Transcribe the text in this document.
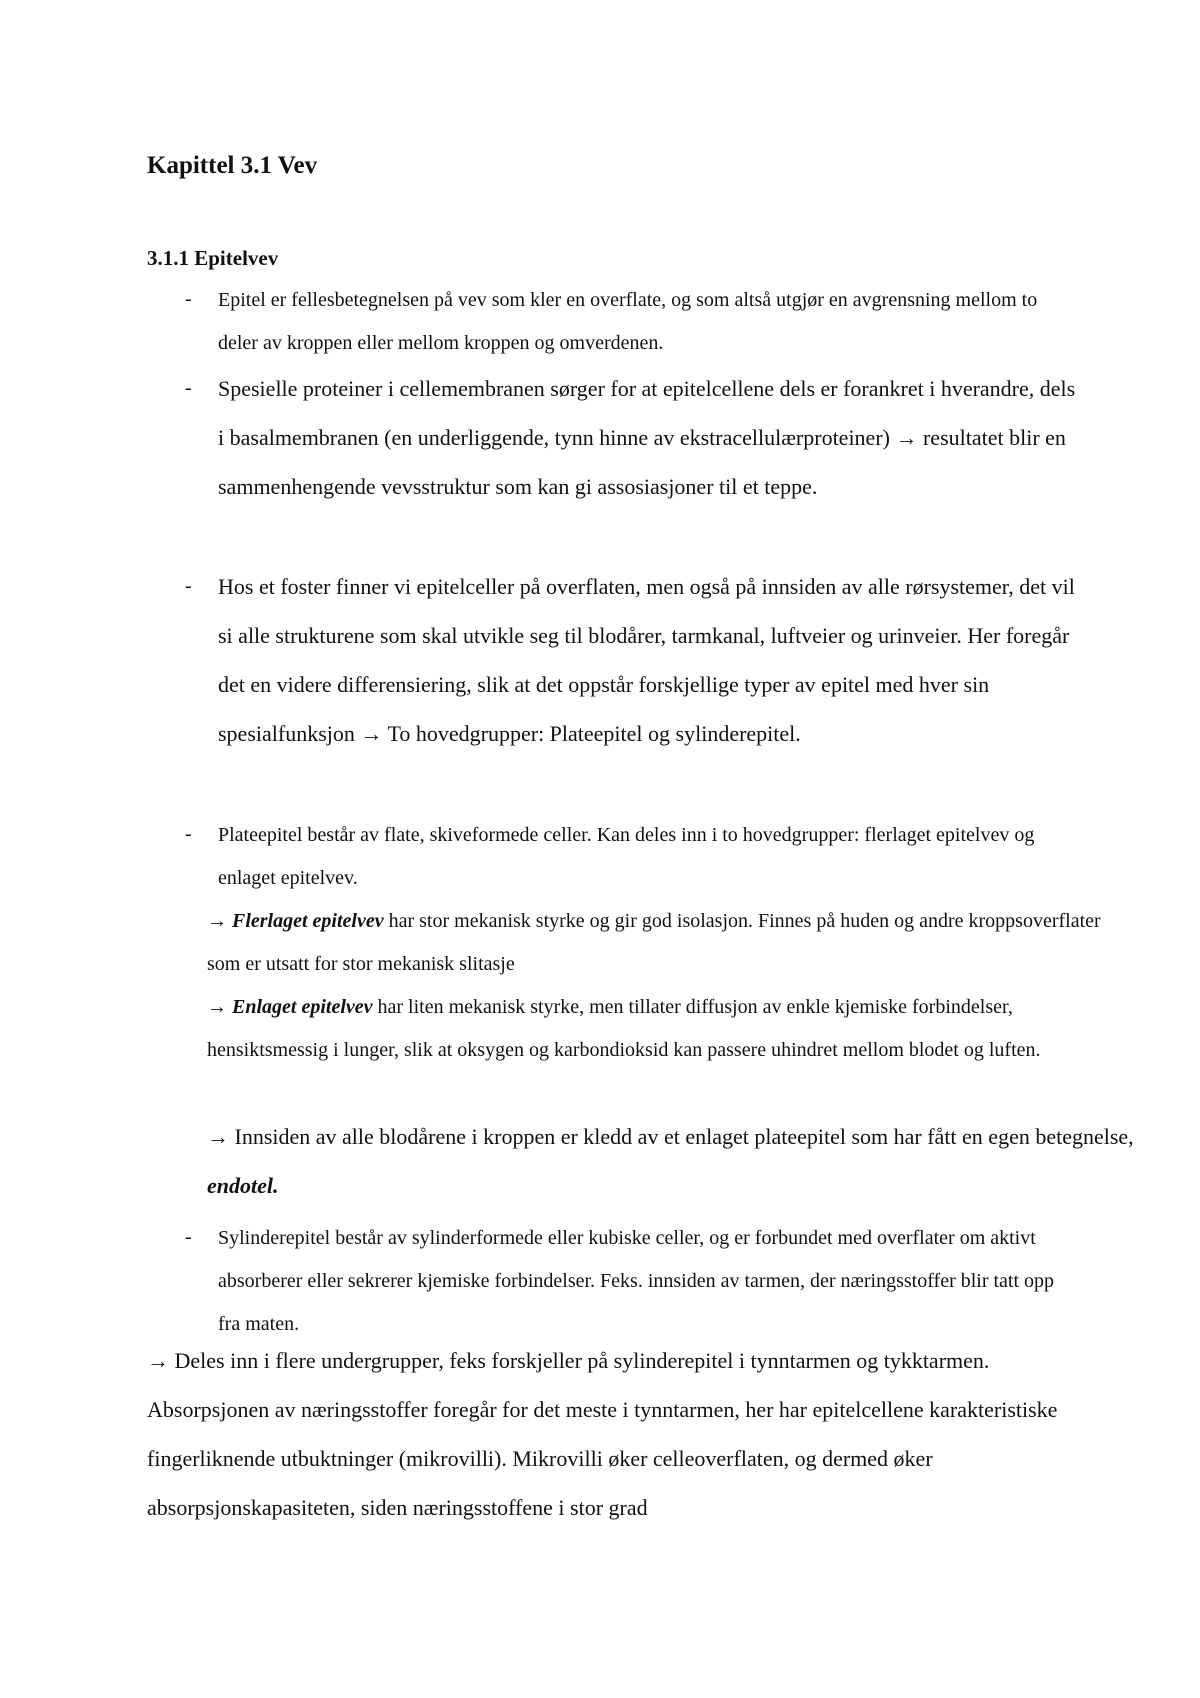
Kapittel 3.1 Vev
3.1.1 Epitelvev
- Epitel er fellesbetegnelsen på vev som kler en overflate, og som altså utgjør en avgrensning mellom to deler av kroppen eller mellom kroppen og omverdenen.

- Spesielle proteiner i cellemembranen sørger for at epitelcellene dels er forankret i hverandre, dels i basalmembranen (en underliggende, tynn hinne av ekstracellulærproteiner) → resultatet blir en sammenhengende vevsstruktur som kan gi assosiasjoner til et teppe.

- Hos et foster finner vi epitelceller på overflaten, men også på innsiden av alle rørsystemer, det vil si alle strukturene som skal utvikle seg til blodårer, tarmkanal, luftveier og urinveier. Her foregår det en videre differensiering, slik at det oppstår forskjellige typer av epitel med hver sin spesialfunksjon → To hovedgrupper: Plateepitel og sylinderepitel.

- Plateepitel består av flate, skiveformede celler. Kan deles inn i to hovedgrupper: flerlaget epitelvev og enlaget epitelvev.

→ Flerlaget epitelvev har stor mekanisk styrke og gir god isolasjon. Finnes på huden og andre kroppsoverflater som er utsatt for stor mekanisk slitasje

→ Enlaget epitelvev har liten mekanisk styrke, men tillater diffusjon av enkle kjemiske forbindelser, hensiktsmessig i lunger, slik at oksygen og karbondioksid kan passere uhindret mellom blodet og luften.

→ Innsiden av alle blodårene i kroppen er kledd av et enlaget plateepitel som har fått en egen betegnelse, endotel.

- Sylinderepitel består av sylinderformede eller kubiske celler, og er forbundet med overflater om aktivt absorberer eller sekrerer kjemiske forbindelser. Feks. innsiden av tarmen, der næringsstoffer blir tatt opp fra maten.

→ Deles inn i flere undergrupper, feks forskjeller på sylinderepitel i tynntarmen og tykktarmen. Absorpsjonen av næringsstoffer foregår for det meste i tynntarmen, her har epitelcellene karakteristiske fingerliknende utbuktninger (mikrovilli). Mikrovilli øker celleoverflaten, og dermed øker absorpsjonskapasiteten, siden næringsstoffene i stor grad
